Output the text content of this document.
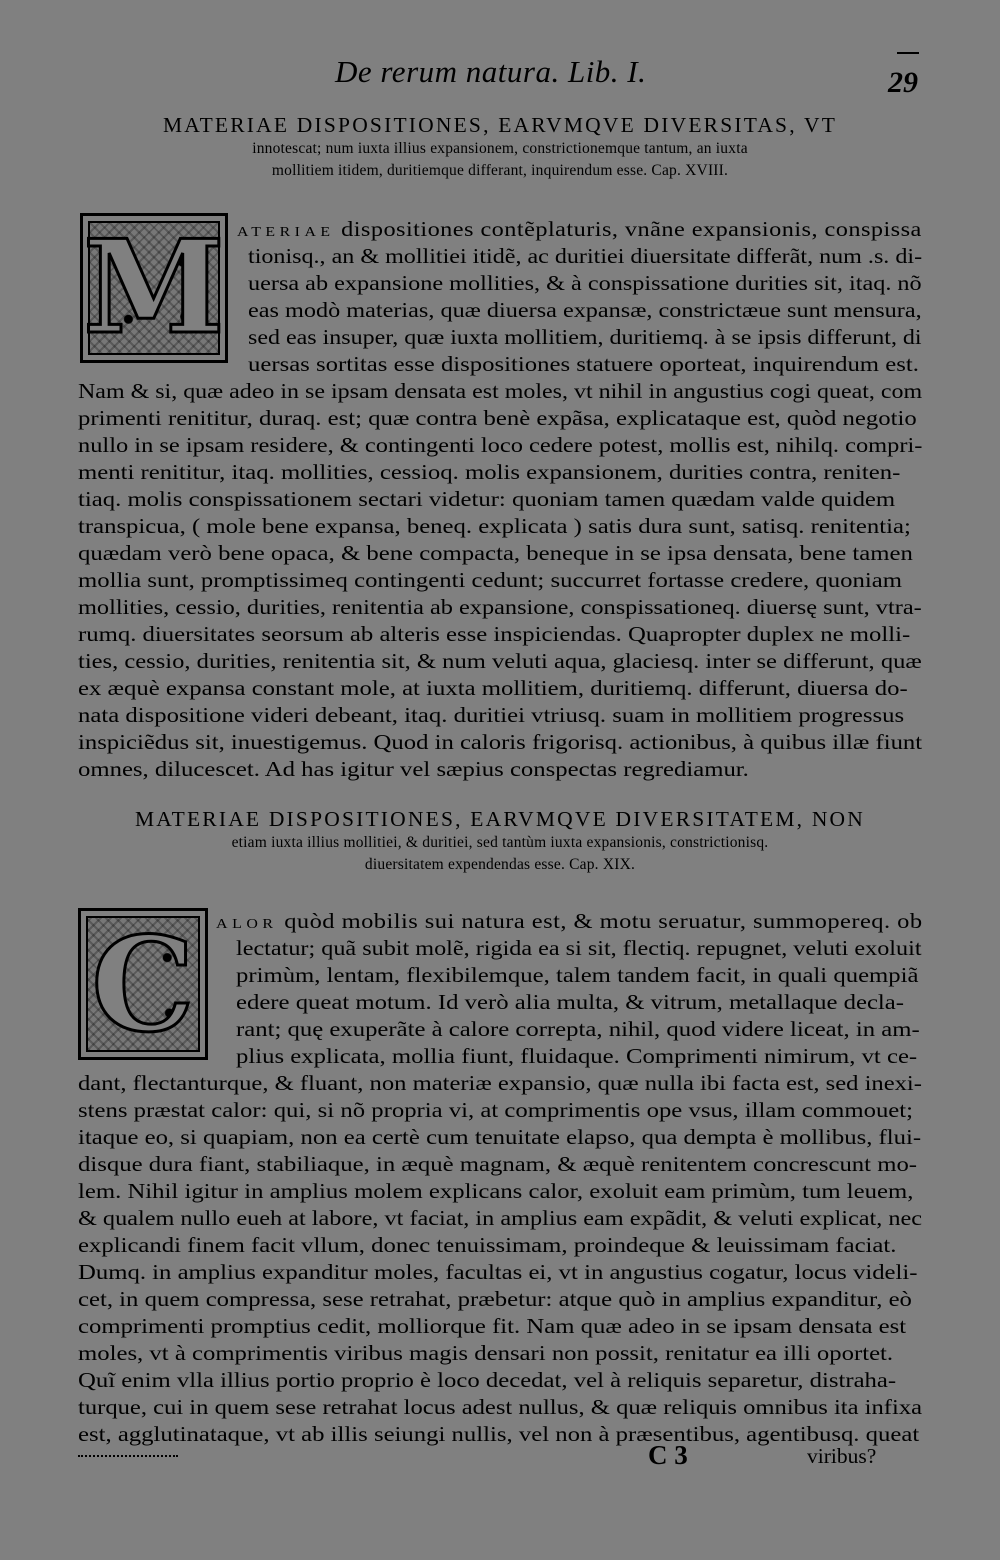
De rerum natura. Lib. I.	29
MATERIAE DISPOSITIONES, EARVMQVE DIVERSITAS, VT
innotescat; num iuxta illius expansionem, constrictionemque tantum, an iuxta
mollitiem itidem, duritiemque differant, inquirendum esse. Cap. XVIII.
M ATERIAE dispositiones contẽplaturis, vnãne expansionis, conspissa
tionisq., an & mollitiei itidẽ, ac duritiei diuersitate differãt, num .s. di-
uersa ab expansione mollities, & à conspissatione durities sit, itaq. nõ
eas modò materias, quæ diuersa expansæ, constrictæue sunt mensura,
sed eas insuper, quæ iuxta mollitiem, duritiemq. à se ipsis differunt, di
uersas sortitas esse dispositiones statuere oporteat, inquirendum est.
Nam & si, quæ adeo in se ipsam densata est moles, vt nihil in angustius cogi queat, com
primenti renititur, duraq. est; quæ contra benè expãsa, explicataque est, quòd negotio
nullo in se ipsam residere, & contingenti loco cedere potest, mollis est, nihilq. compri-
menti renititur, itaq. mollities, cessioq. molis expansionem, durities contra, reniten-
tiaq. molis conspissationem sectari videtur: quoniam tamen quædam valde quidem
transpicua, ( mole bene expansa, beneq. explicata ) satis dura sunt, satisq. renitentia;
quædam verò bene opaca, & bene compacta, beneque in se ipsa densata, bene tamen
mollia sunt, promptissimeq contingenti cedunt; succurret fortasse credere, quoniam
mollities, cessio, durities, renitentia ab expansione, conspissationeq. diuersę sunt, vtra-
rumq. diuersitates seorsum ab alteris esse inspiciendas. Quapropter duplex ne molli-
ties, cessio, durities, renitentia sit, & num veluti aqua, glaciesq. inter se differunt, quæ
ex æquè expansa constant mole, at iuxta mollitiem, duritiemq. differunt, diuersa do-
nata dispositione videri debeant, itaq. duritiei vtriusq. suam in mollitiem progressus
inspiciẽdus sit, inuestigemus. Quod in caloris frigorisq. actionibus, à quibus illæ fiunt
omnes, dilucescet. Ad has igitur vel sæpius conspectas regrediamur.
MATERIAE DISPOSITIONES, EARVMQVE DIVERSITATEM, NON
etiam iuxta illius mollitiei, & duritiei, sed tantùm iuxta expansionis, constrictionisq.
diuersitatem expendendas esse. Cap. XIX.
C	ALOR quòd mobilis sui natura est, & motu seruatur, summopereq. ob
lectatur; quã subit molẽ, rigida ea si sit, flectiq. repugnet, veluti exoluit
primùm, lentam, flexibilemque, talem tandem facit, in quali quempiã
edere queat motum. Id verò alia multa, & vitrum, metallaque decla-
rant; quę exuperãte à calore correpta, nihil, quod videre liceat, in am-
plius explicata, mollia fiunt, fluidaque. Comprimenti nimirum, vt ce-
dant, flectanturque, & fluant, non materiæ expansio, quæ nulla ibi facta est, sed inexi-
stens præstat calor: qui, si nõ propria vi, at comprimentis ope vsus, illam commouet;
itaque eo, si quapiam, non ea certè cum tenuitate elapso, qua dempta è mollibus, flui-
disque dura fiant, stabiliaque, in æquè magnam, & æquè renitentem concrescunt mo-
lem. Nihil igitur in amplius molem explicans calor, exoluit eam primùm, tum leuem,
& qualem nullo eueh at labore, vt faciat, in amplius eam expãdit, & veluti explicat, nec
explicandi finem facit vllum, donec tenuissimam, proindeque & leuissimam faciat.
Dumq. in amplius expanditur moles, facultas ei, vt in angustius cogatur, locus videli-
cet, in quem compressa, sese retrahat, præbetur: atque quò in amplius expanditur, eò
comprimenti promptius cedit, molliorque fit. Nam quæ adeo in se ipsam densata est
moles, vt à comprimentis viribus magis densari non possit, renitatur ea illi oportet.
Quĩ enim vlla illius portio proprio è loco decedat, vel à reliquis separetur, distraha-
turque, cui in quem sese retrahat locus adest nullus, & quæ reliquis omnibus ita infixa
est, agglutinataque, vt ab illis seiungi nullis, vel non à præsentibus, agentibusq. queat
C 3	viribus?
